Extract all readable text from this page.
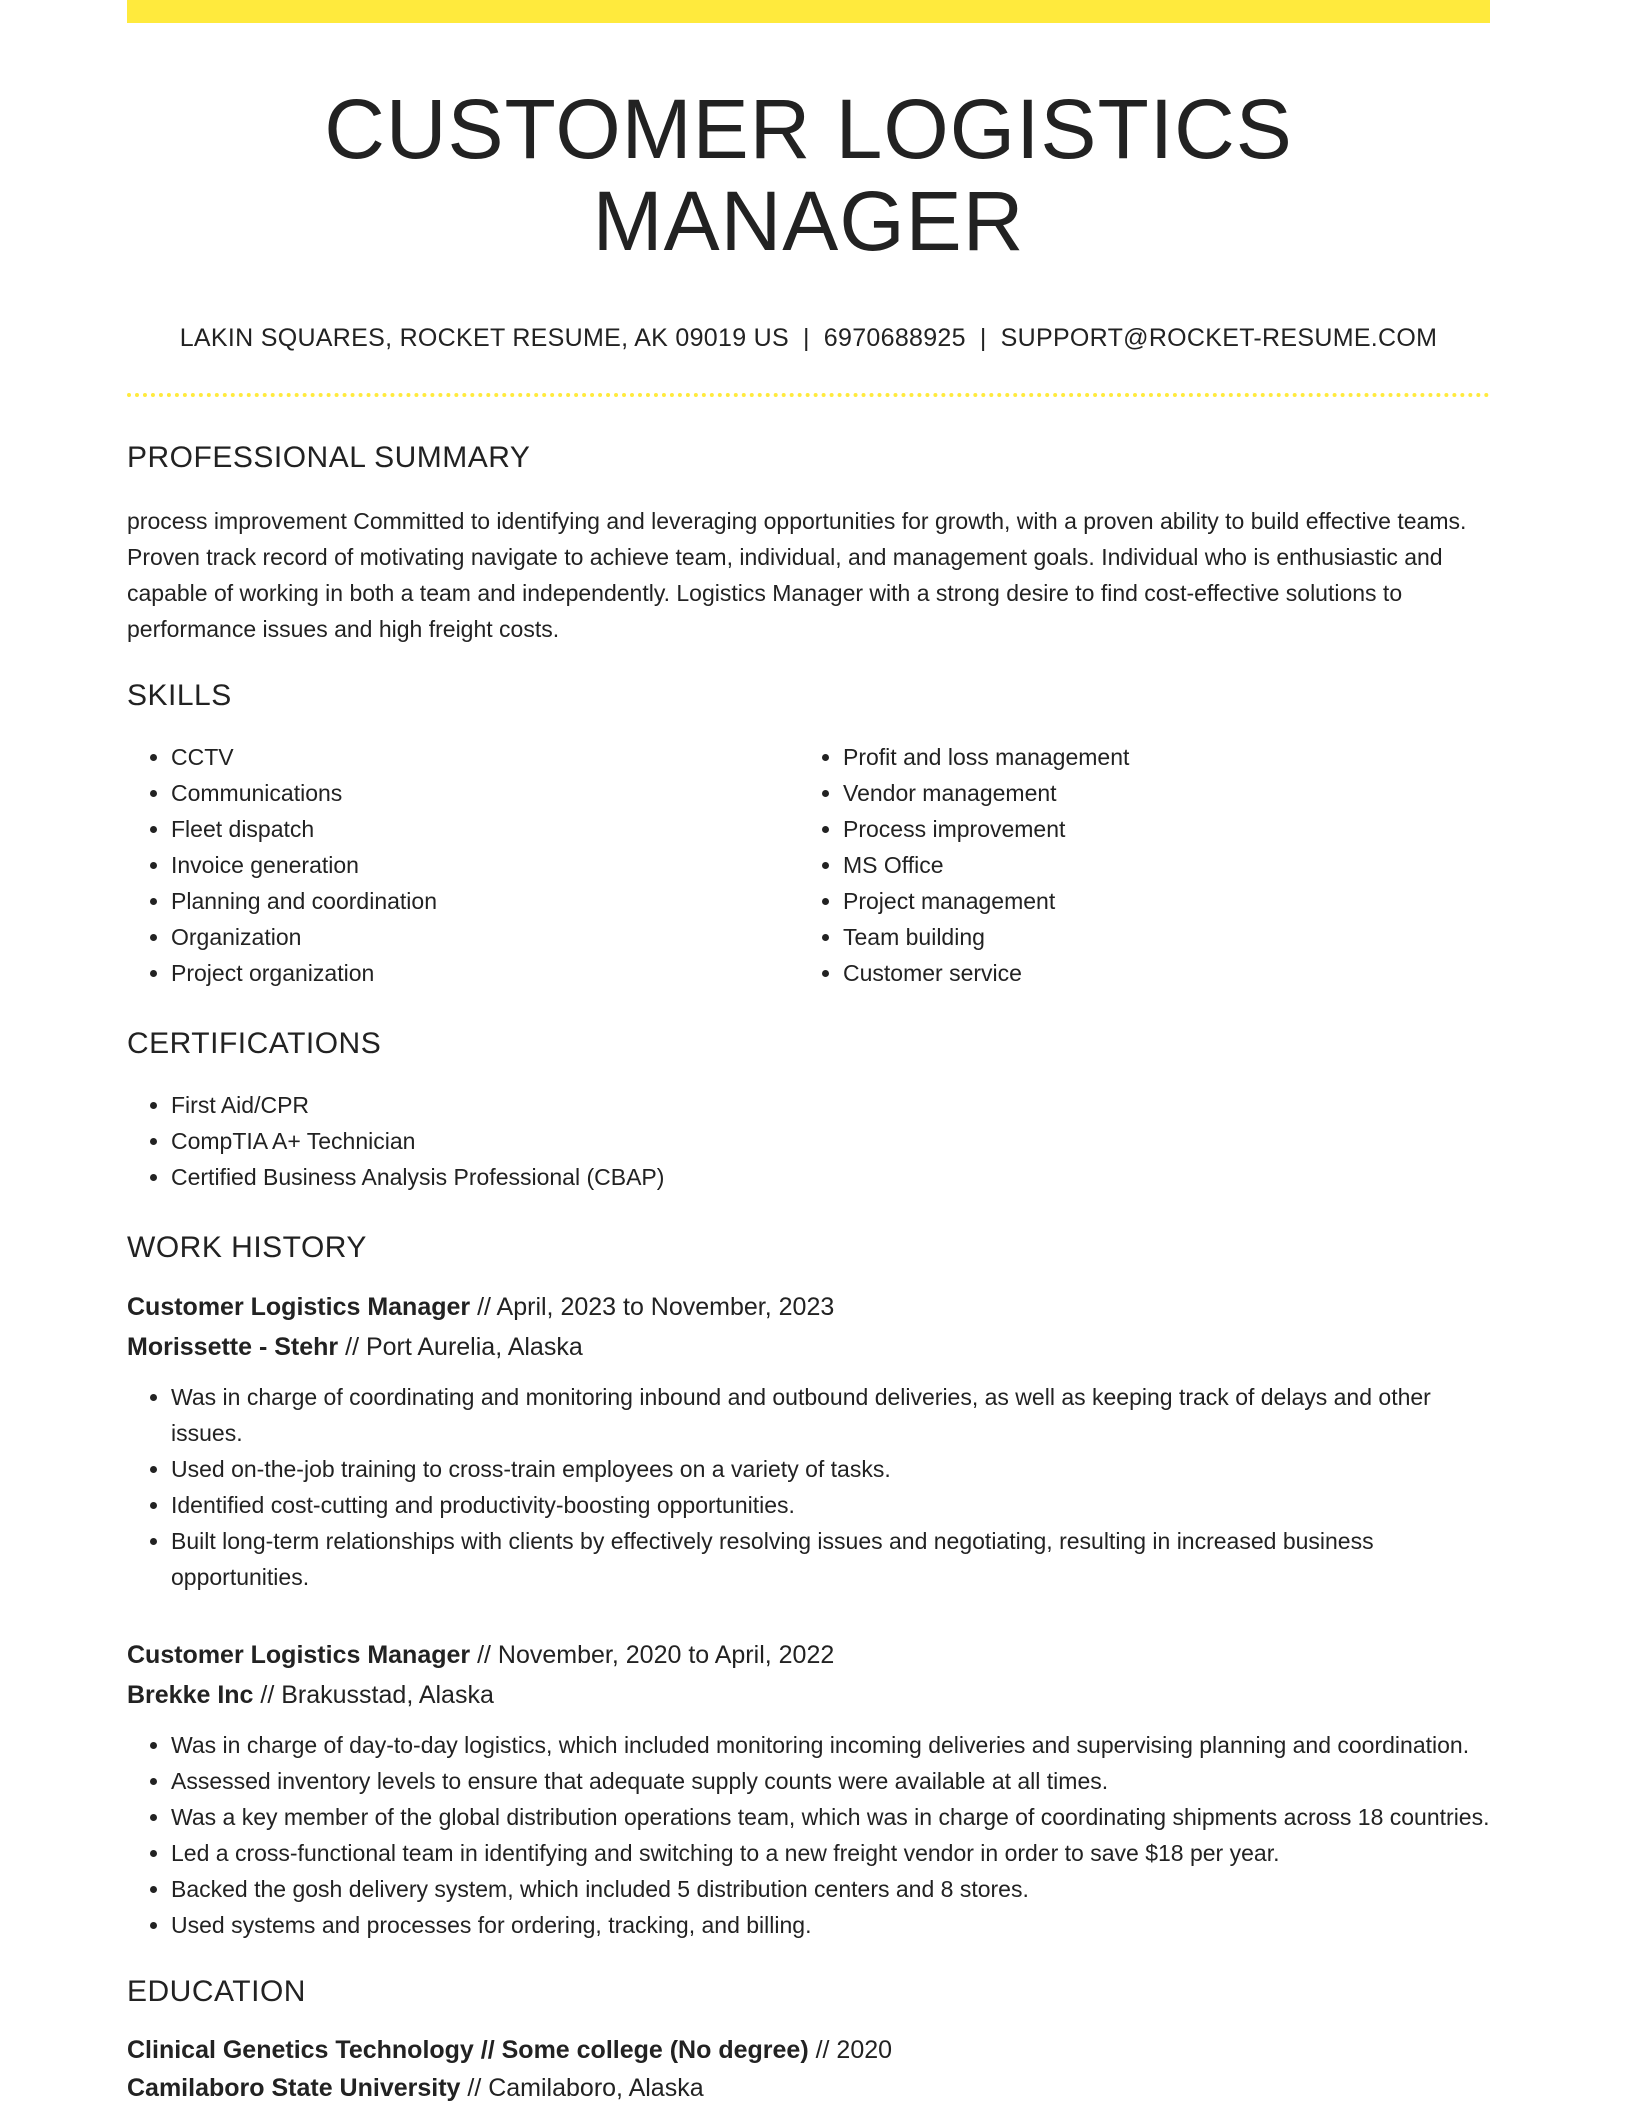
CUSTOMER LOGISTICS MANAGER
LAKIN SQUARES, ROCKET RESUME, AK 09019 US | 6970688925 | SUPPORT@ROCKET-RESUME.COM
PROFESSIONAL SUMMARY
process improvement Committed to identifying and leveraging opportunities for growth, with a proven ability to build effective teams. Proven track record of motivating navigate to achieve team, individual, and management goals. Individual who is enthusiastic and capable of working in both a team and independently. Logistics Manager with a strong desire to find cost-effective solutions to performance issues and high freight costs.
SKILLS
• CCTV
• Communications
• Fleet dispatch
• Invoice generation
• Planning and coordination
• Organization
• Project organization
• Profit and loss management
• Vendor management
• Process improvement
• MS Office
• Project management
• Team building
• Customer service
CERTIFICATIONS
• First Aid/CPR
• CompTIA A+ Technician
• Certified Business Analysis Professional (CBAP)
WORK HISTORY
Customer Logistics Manager // April, 2023 to November, 2023
Morissette - Stehr // Port Aurelia, Alaska
• Was in charge of coordinating and monitoring inbound and outbound deliveries, as well as keeping track of delays and other issues.
• Used on-the-job training to cross-train employees on a variety of tasks.
• Identified cost-cutting and productivity-boosting opportunities.
• Built long-term relationships with clients by effectively resolving issues and negotiating, resulting in increased business opportunities.
Customer Logistics Manager // November, 2020 to April, 2022
Brekke Inc // Brakusstad, Alaska
• Was in charge of day-to-day logistics, which included monitoring incoming deliveries and supervising planning and coordination.
• Assessed inventory levels to ensure that adequate supply counts were available at all times.
• Was a key member of the global distribution operations team, which was in charge of coordinating shipments across 18 countries.
• Led a cross-functional team in identifying and switching to a new freight vendor in order to save $18 per year.
• Backed the gosh delivery system, which included 5 distribution centers and 8 stores.
• Used systems and processes for ordering, tracking, and billing.
EDUCATION
Clinical Genetics Technology // Some college (No degree) // 2020
Camilaboro State University // Camilaboro, Alaska
